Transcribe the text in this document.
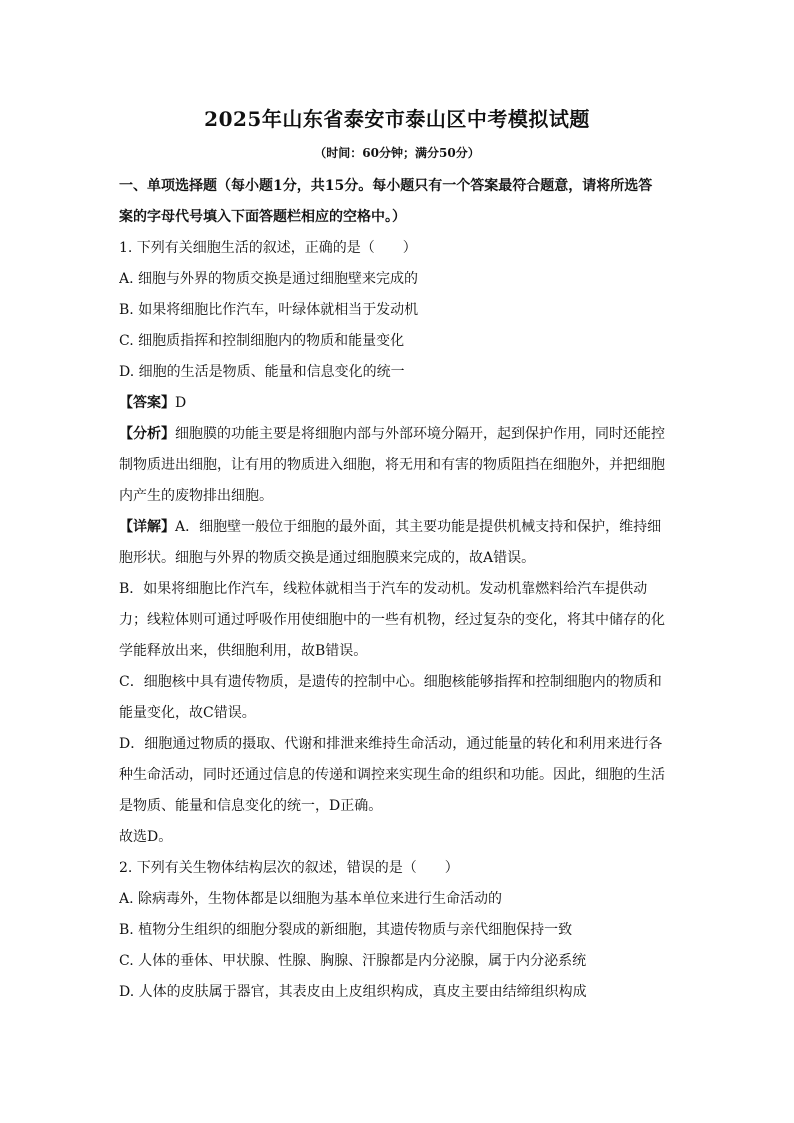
2025年山东省泰安市泰山区中考模拟试题
（时间：60分钟；满分50分）
一、单项选择题（每小题1分，共15分。每小题只有一个答案最符合题意，请将所选答
案的字母代号填入下面答题栏相应的空格中。）
1. 下列有关细胞生活的叙述，正确的是（　　）
A. 细胞与外界的物质交换是通过细胞壁来完成的
B. 如果将细胞比作汽车，叶绿体就相当于发动机
C. 细胞质指挥和控制细胞内的物质和能量变化
D. 细胞的生活是物质、能量和信息变化的统一
【答案】D
【分析】细胞膜的功能主要是将细胞内部与外部环境分隔开，起到保护作用，同时还能控
制物质进出细胞，让有用的物质进入细胞，将无用和有害的物质阻挡在细胞外，并把细胞
内产生的废物排出细胞。
【详解】A．细胞壁一般位于细胞的最外面，其主要功能是提供机械支持和保护，维持细
胞形状。细胞与外界的物质交换是通过细胞膜来完成的，故A错误。
B．如果将细胞比作汽车，线粒体就相当于汽车的发动机。发动机靠燃料给汽车提供动
力；线粒体则可通过呼吸作用使细胞中的一些有机物，经过复杂的变化，将其中储存的化
学能释放出来，供细胞利用，故B错误。
C．细胞核中具有遗传物质，是遗传的控制中心。细胞核能够指挥和控制细胞内的物质和
能量变化，故C错误。
D．细胞通过物质的摄取、代谢和排泄来维持生命活动，通过能量的转化和利用来进行各
种生命活动，同时还通过信息的传递和调控来实现生命的组织和功能。因此，细胞的生活
是物质、能量和信息变化的统一，D正确。
故选D。
2. 下列有关生物体结构层次的叙述，错误的是（　　）
A. 除病毒外，生物体都是以细胞为基本单位来进行生命活动的
B. 植物分生组织的细胞分裂成的新细胞，其遗传物质与亲代细胞保持一致
C. 人体的垂体、甲状腺、性腺、胸腺、汗腺都是内分泌腺，属于内分泌系统
D. 人体的皮肤属于器官，其表皮由上皮组织构成，真皮主要由结缔组织构成
